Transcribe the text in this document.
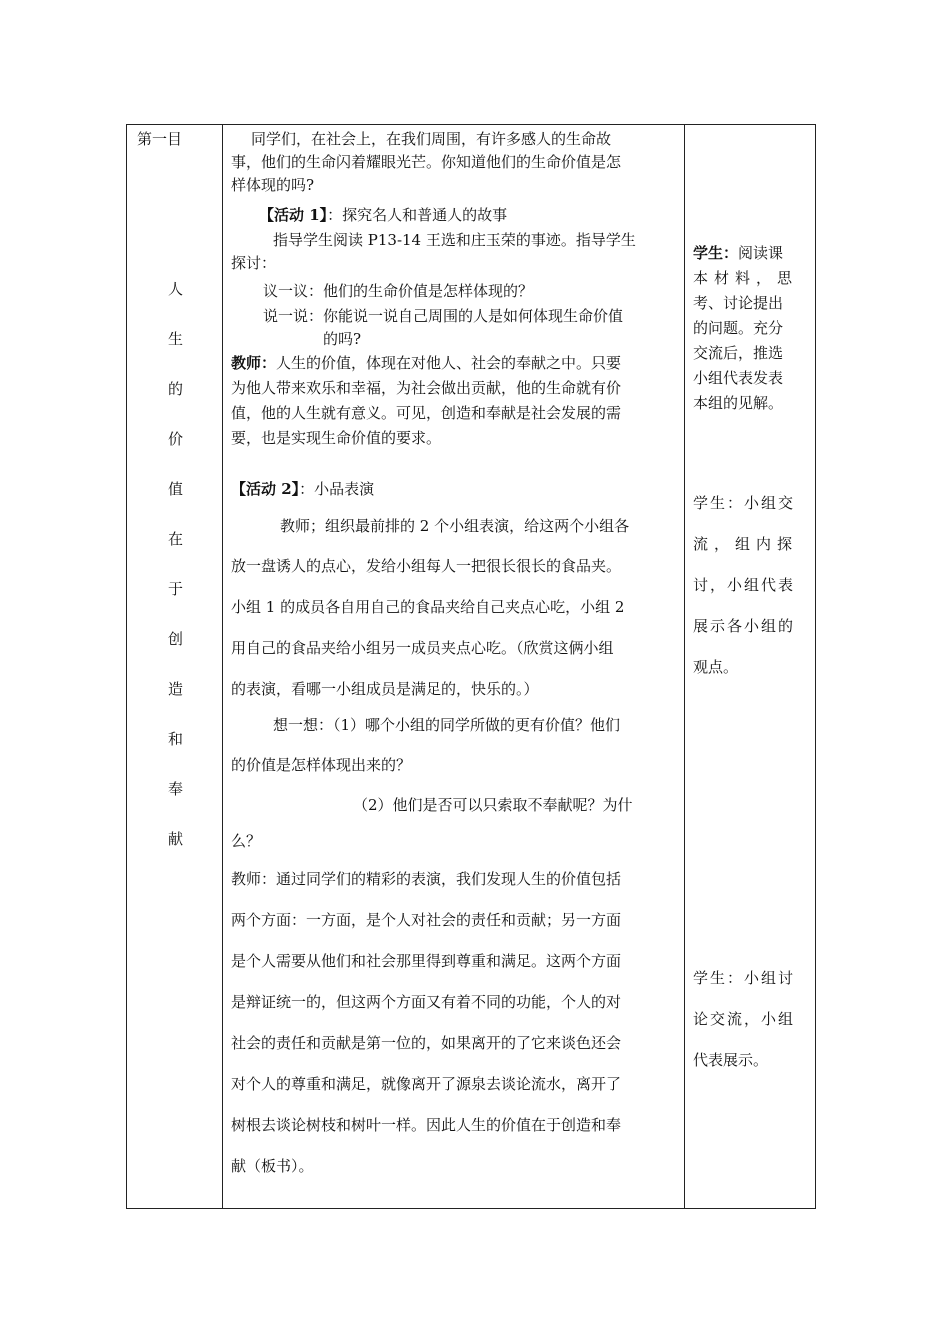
第一目
人
生
的
价
值
在
于
创
造
和
奉
献
同学们，在社会上，在我们周围，有许多感人的生命故
事，他们的生命闪着耀眼光芒。你知道他们的生命价值是怎
样体现的吗?
【活动 1】：探究名人和普通人的故事
指导学生阅读 P13-14 王选和庄玉荣的事迹。指导学生
探讨：
议一议：他们的生命价值是怎样体现的？
说一说：你能说一说自己周围的人是如何体现生命价值
的吗?
教师：人生的价值，体现在对他人、社会的奉献之中。只要
为他人带来欢乐和幸福，为社会做出贡献，他的生命就有价
值，他的人生就有意义。可见，创造和奉献是社会发展的需
要，也是实现生命价值的要求。
【活动 2】：小品表演
教师；组织最前排的 2 个小组表演，给这两个小组各
放一盘诱人的点心，发给小组每人一把很长很长的食品夹。
小组 1 的成员各自用自己的食品夹给自己夹点心吃，小组 2
用自己的食品夹给小组另一成员夹点心吃。（欣赏这俩小组
的表演，看哪一小组成员是满足的，快乐的。）
想一想：（1）哪个小组的同学所做的更有价值？他们
的价值是怎样体现出来的？
（2）他们是否可以只索取不奉献呢？为什
么？
教师：通过同学们的精彩的表演，我们发现人生的价值包括
两个方面：一方面，是个人对社会的责任和贡献；另一方面
是个人需要从他们和社会那里得到尊重和满足。这两个方面
是辩证统一的，但这两个方面又有着不同的功能，个人的对
社会的责任和贡献是第一位的，如果离开的了它来谈色还会
对个人的尊重和满足，就像离开了源泉去谈论流水，离开了
树根去谈论树枝和树叶一样。因此人生的价值在于创造和奉
献（板书）。
学生：阅读课
本材料，思
考、讨论提出
的问题。充分
交流后，推选
小组代表发表
本组的见解。
学生：小组交
流，组内探
讨，小组代表
展示各小组的
观点。
学生：小组讨
论交流，小组
代表展示。
